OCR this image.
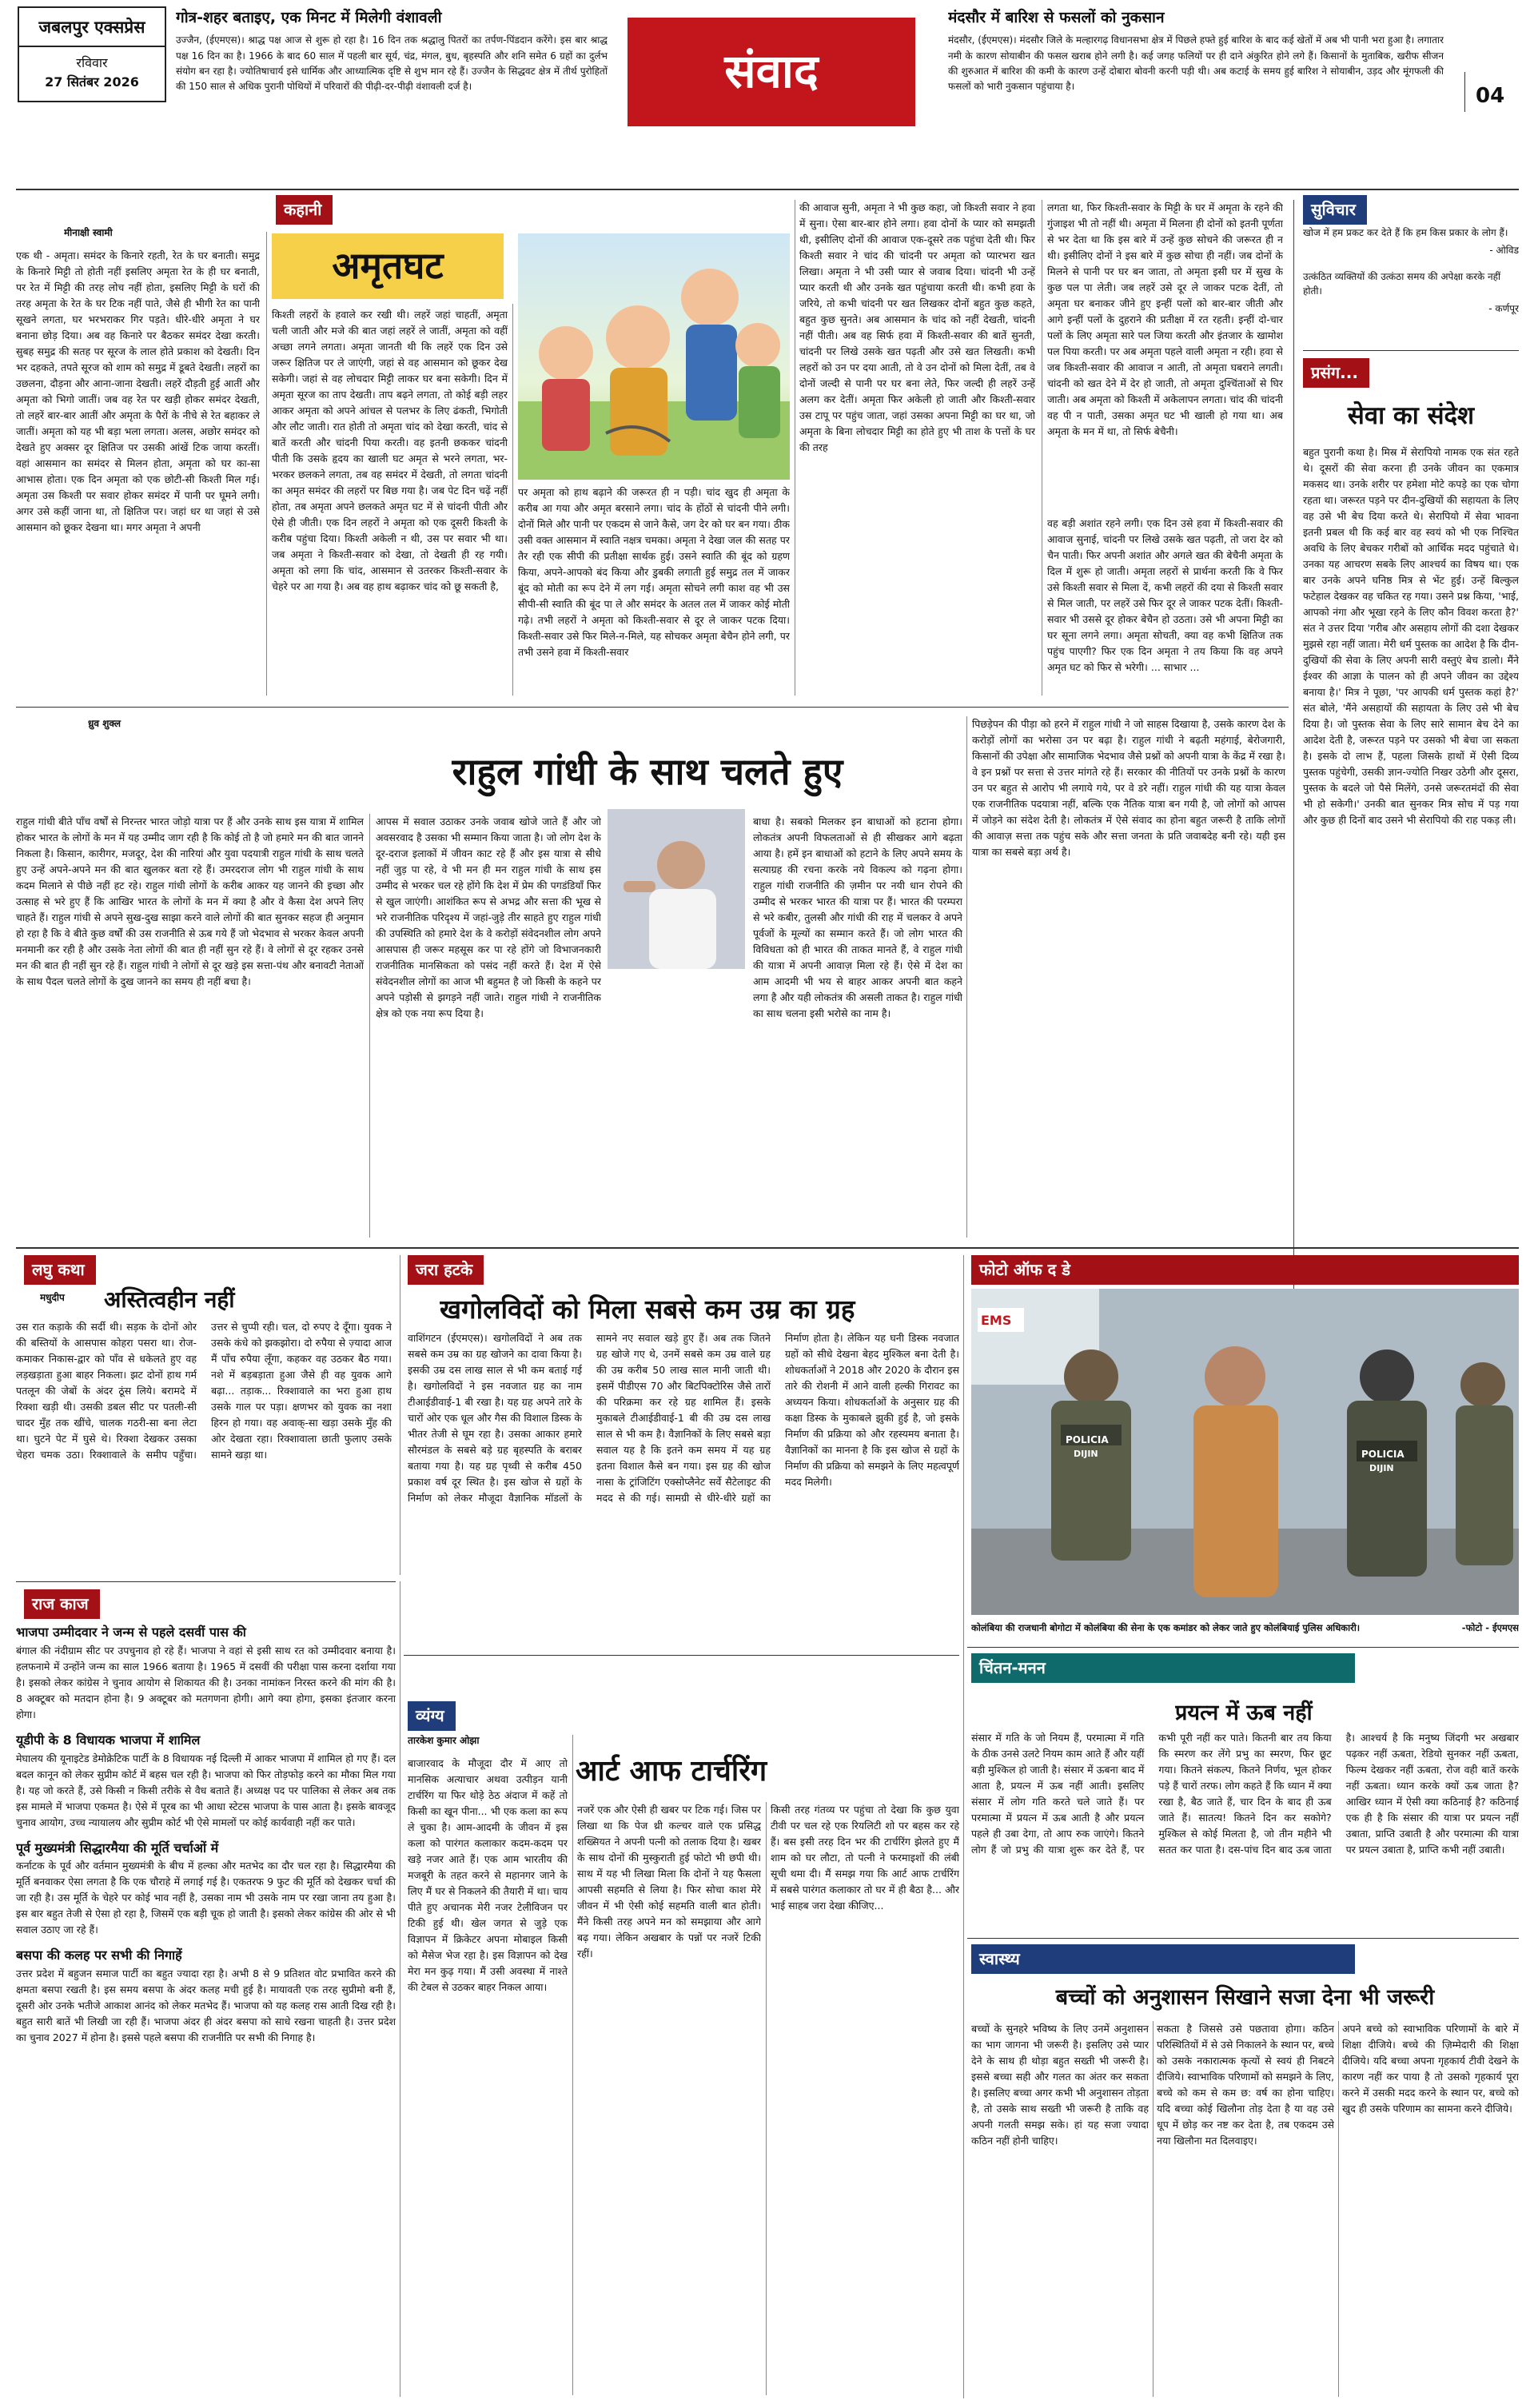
जबलपुर एक्सप्रेस
रविवार
27 सितंबर 2026
गोत्र-शहर बताइए, एक मिनट में मिलेगी वंशावली
उज्जैन, (ईएमएस)। श्राद्ध पक्ष आज से शुरू हो रहा है। 16 दिन तक श्रद्धालु पितरों का तर्पण-पिंडदान करेंगे। इस बार श्राद्ध पक्ष 16 दिन का है। 1966 के बाद 60 साल में पहली बार सूर्य, चंद्र, मंगल, बुध, बृहस्पति और शनि समेत 6 ग्रहों का दुर्लभ संयोग बन रहा है। ज्योतिषाचार्य इसे धार्मिक और आध्यात्मिक दृष्टि से शुभ मान रहे हैं। उज्जैन के सिद्धवट क्षेत्र में तीर्थ पुरोहितों की 150 साल से अधिक पुरानी पोथियों में परिवारों की पीढ़ी-दर-पीढ़ी वंशावली दर्ज है।	संवाद
मंदसौर में बारिश से फसलों को नुकसान
मंदसौर, (ईएमएस)। मंदसौर जिले के मल्हारगढ़ विधानसभा क्षेत्र में पिछले हफ्ते हुई बारिश के बाद कई खेतों में अब भी पानी भरा हुआ है। लगातार नमी के कारण सोयाबीन की फसल खराब होने लगी है। कई जगह फलियों पर ही दाने अंकुरित होने लगे हैं। किसानों के मुताबिक, खरीफ सीजन की शुरुआत में बारिश की कमी के कारण उन्हें दोबारा बोवनी करनी पड़ी थी। अब कटाई के समय हुई बारिश ने सोयाबीन, उड़द और मूंगफली की फसलों को भारी नुकसान पहुंचाया है।	04
कहानी
मीनाक्षी स्वामी
अमृतघट
एक थी - अमृता। समंदर के किनारे रहती, रेत के घर बनाती। समुद्र के किनारे मिट्टी तो होती नहीं इसलिए अमृता रेत के ही घर बनाती, पर रेत में मिट्टी की तरह लोच नहीं होता, इसलिए मिट्टी के घरों की तरह अमृता के रेत के घर टिक नहीं पाते, जैसे ही भीगी रेत का पानी सूखने लगता, घर भरभराकर गिर पड़ते। धीरे-धीरे अमृता ने घर बनाना छोड़ दिया। अब वह किनारे पर बैठकर समंदर देखा करती। सुबह समुद्र की सतह पर सूरज के लाल होते प्रकाश को देखती। दिन भर दहकते, तपते सूरज को शाम को समुद्र में डूबते देखती। लहरों का उछलना, दौड़ना और आना-जाना देखती। लहरें दौड़ती हुई आतीं और अमृता को भिगो जातीं। जब वह रेत पर खड़ी होकर समंदर देखती, तो लहरें बार-बार आतीं और अमृता के पैरों के नीचे से रेत बहाकर ले जातीं। अमृता को यह भी बड़ा भला लगता। अलस, अछोर समंदर को देखते हुए अक्सर दूर क्षितिज पर उसकी आंखें टिक जाया करतीं। वहां आसमान का समंदर से मिलन होता, अमृता को घर का-सा आभास होता। एक दिन अमृता को एक छोटी-सी किश्ती मिल गई। अमृता उस किश्ती पर सवार होकर समंदर में पानी पर घूमने लगी। अगर उसे कहीं जाना था, तो क्षितिज पर। जहां धर था जहां से उसे आसमान को छूकर देखना था। मगर अमृता ने अपनी
किश्ती लहरों के हवाले कर रखी थी। लहरें जहां चाहतीं, अमृता चली जाती और मजे की बात जहां लहरें ले जातीं, अमृता को वहीं अच्छा लगने लगता। अमृता जानती थी कि लहरें एक दिन उसे जरूर क्षितिज पर ले जाएंगी, जहां से वह आसमान को छूकर देख सकेगी। जहां से वह लोचदार मिट्टी लाकर घर बना सकेगी। दिन में अमृता सूरज का ताप देखती। ताप बढ़ने लगता, तो कोई बड़ी लहर आकर अमृता को अपने आंचल से पलभर के लिए ढंकती, भिगोती और लौट जाती। रात होती तो अमृता चांद को देखा करती, चांद से बातें करती और चांदनी पिया करती। वह इतनी छककर चांदनी पीती कि उसके हृदय का खाली घट अमृत से भरने लगता, भर-भरकर छलकने लगता, तब वह समंदर में देखती, तो लगता चांदनी का अमृत समंदर की लहरों पर बिछ गया है। जब पेट दिन चढ़ें नहीं होता, तब अमृता अपने छलकते अमृत घट में से चांदनी पीती और ऐसे ही जीती। एक दिन लहरों ने अमृता को एक दूसरी किश्ती के करीब पहुंचा दिया। किश्ती अकेली न थी, उस पर सवार भी था। जब अमृता ने किश्ती-सवार को देखा, तो देखती ही रह गयी। अमृता को लगा कि चांद, आसमान से उतरकर किश्ती-सवार के चेहरे पर आ गया है। अब वह हाथ बढ़ाकर चांद को छू सकती है,
पर अमृता को हाथ बढ़ाने की जरूरत ही न पड़ी। चांद खुद ही अमृता के करीब आ गया और अमृत बरसाने लगा। चांद के होंठों से चांदनी पीने लगी। दोनों मिले और पानी पर एकदम से जाने कैसे, जग देर को घर बन गया। ठीक उसी वक्त आसमान में स्वाति नक्षत्र चमका। अमृता ने देखा जल की सतह पर तैर रही एक सीपी की प्रतीक्षा सार्थक हुई। उसने स्वाति की बूंद को ग्रहण किया, अपने-आपको बंद किया और डुबकी लगाती हुई समुद्र तल में जाकर बूंद को मोती का रूप देने में लग गई। अमृता सोचने लगी काश वह भी उस सीपी-सी स्वाति की बूंद पा ले और समंदर के अतल तल में जाकर कोई मोती गढ़े। तभी लहरों ने अमृता को किश्ती-सवार से दूर ले जाकर पटक दिया। किश्ती-सवार उसे फिर मिले-न-मिले, यह सोचकर अमृता बेचैन होने लगी, पर तभी उसने हवा में किश्ती-सवार
की आवाज सुनी, अमृता ने भी कुछ कहा, जो किश्ती सवार ने हवा में सुना। ऐसा बार-बार होने लगा। हवा दोनों के प्यार को समझती थी, इसीलिए दोनों की आवाज एक-दूसरे तक पहुंचा देती थी। फिर किश्ती सवार ने चांद की चांदनी पर अमृता को प्यारभरा खत लिखा। अमृता ने भी उसी प्यार से जवाब दिया। चांदनी भी उन्हें प्यार करती थी और उनके खत पहुंचाया करती थी। कभी हवा के जरिये, तो कभी चांदनी पर खत लिखकर दोनों बहुत कुछ कहते, बहुत कुछ सुनते। अब आसमान के चांद को नहीं देखती, चांदनी नहीं पीती। अब वह सिर्फ हवा में किश्ती-सवार की बातें सुनती, चांदनी पर लिखे उसके खत पढ़ती और उसे खत लिखती। कभी लहरों को उन पर दया आती, तो वे उन दोनों को मिला देतीं, तब वे दोनों जल्दी से पानी पर घर बना लेते, फिर जल्दी ही लहरें उन्हें अलग कर देतीं। अमृता फिर अकेली हो जाती और किश्ती-सवार उस टापू पर पहुंच जाता, जहां उसका अपना मिट्टी का घर था, जो अमृता के बिना लोचदार मिट्टी का होते हुए भी ताश के पत्तों के घर की तरह
लगता था, फिर किश्ती-सवार के मिट्टी के घर में अमृता के रहने की गुंजाइश भी तो नहीं थी। अमृता में मिलना ही दोनों को इतनी पूर्णता से भर देता था कि इस बारे में उन्हें कुछ सोचने की जरूरत ही न थी। इसीलिए दोनों ने इस बारे में कुछ सोचा ही नहीं। जब दोनों के मिलने से पानी पर घर बन जाता, तो अमृता इसी घर में सुख के कुछ पल पा लेती। जब लहरें उसे दूर ले जाकर पटक देतीं, तो अमृता घर बनाकर जीने हुए इन्हीं पलों को बार-बार जीती और आगे इन्हीं पलों के दुहराने की प्रतीक्षा में रत रहती। इन्हीं दो-चार पलों के लिए अमृता सारे पल जिया करती और इंतजार के खामोश पल पिया करती। पर अब अमृता पहले वाली अमृता न रही। हवा से जब किश्ती-सवार की आवाज न आती, तो अमृता घबराने लगती। चांदनी को खत देने में देर हो जाती, तो अमृता दुश्चिंताओं से घिर जाती। अब अमृता को किश्ती में अकेलापन लगता। चांद की चांदनी वह पी न पाती, उसका अमृत घट भी खाली हो गया था। अब अमृता के मन में था, तो सिर्फ बेचैनी।
वह बड़ी अशांत रहने लगी। एक दिन उसे हवा में किश्ती-सवार की आवाज सुनाई, चांदनी पर लिखे उसके खत पढ़ती, तो जरा देर को चैन पाती। फिर अपनी अशांत और अगले खत की बेचैनी अमृता के दिल में शुरू हो जाती। अमृता लहरों से प्रार्थना करती कि वे फिर उसे किश्ती सवार से मिला दें, कभी लहरों की दया से किश्ती सवार से मिल जाती, पर लहरें उसे फिर दूर ले जाकर पटक देतीं। किश्ती-सवार भी उससे दूर होकर बेचैन हो उठता। उसे भी अपना मिट्टी का घर सूना लगने लगा। अमृता सोचती, क्या वह कभी क्षितिज तक पहुंच पाएगी? फिर एक दिन अमृता ने तय किया कि वह अपने अमृत घट को फिर से भरेगी। ... साभार ...
सुविचार
खोज में हम प्रकट कर देते हैं कि हम किस प्रकार के लोग हैं।
- ओविड
उत्कंठित व्यक्तियों की उत्कंठा समय की अपेक्षा करके नहीं होती।
- कर्णपूर
प्रसंग...
सेवा का संदेश
बहुत पुरानी कथा है। मिस्र में सेरापियो नामक एक संत रहते थे। दूसरों की सेवा करना ही उनके जीवन का एकमात्र मकसद था। उनके शरीर पर हमेशा मोटे कपड़े का एक चोगा रहता था। जरूरत पड़ने पर दीन-दुखियों की सहायता के लिए वह उसे भी बेच दिया करते थे। सेरापियो में सेवा भावना इतनी प्रबल थी कि कई बार वह स्वयं को भी एक निश्चित अवधि के लिए बेचकर गरीबों को आर्थिक मदद पहुंचाते थे। उनका यह आचरण सबके लिए आश्चर्य का विषय था। एक बार उनके अपने घनिष्ठ मित्र से भेंट हुई। उन्हें बिल्कुल फटेहाल देखकर वह चकित रह गया। उसने प्रश्न किया, 'भाई, आपको नंगा और भूखा रहने के लिए कौन विवश करता है?' संत ने उत्तर दिया 'गरीब और असहाय लोगों की दशा देखकर मुझसे रहा नहीं जाता। मेरी धर्म पुस्तक का आदेश है कि दीन-दुखियों की सेवा के लिए अपनी सारी वस्तुएं बेच डालो। मैंने ईश्वर की आज्ञा के पालन को ही अपने जीवन का उद्देश्य बनाया है।' मित्र ने पूछा, 'पर आपकी धर्म पुस्तक कहां है?' संत बोले, 'मैंने असहायों की सहायता के लिए उसे भी बेच दिया है। जो पुस्तक सेवा के लिए सारे सामान बेच देने का आदेश देती है, जरूरत पड़ने पर उसको भी बेचा जा सकता है। इसके दो लाभ हैं, पहला जिसके हाथों में ऐसी दिव्य पुस्तक पहुंचेगी, उसकी ज्ञान-ज्योति निखर उठेगी और दूसरा, पुस्तक के बदले जो पैसे मिलेंगे, उनसे जरूरतमंदों की सेवा भी हो सकेगी।' उनकी बात सुनकर मित्र सोच में पड़ गया और कुछ ही दिनों बाद उसने भी सेरापियो की राह पकड़ ली।
ध्रुव शुक्ल
राहुल गांधी के साथ चलते हुए
राहुल गांधी बीते पाँच वर्षों से निरन्तर भारत जोड़ो यात्रा पर हैं और उनके साथ इस यात्रा में शामिल होकर भारत के लोगों के मन में यह उम्मीद जाग रही है कि कोई तो है जो हमारे मन की बात जानने निकला है। किसान, कारीगर, मजदूर, देश की नारियां और युवा पदयात्री राहुल गांधी के साथ चलते हुए उन्हें अपने-अपने मन की बात खुलकर बता रहे हैं। उमरदराज लोग भी राहुल गांधी के साथ कदम मिलाने से पीछे नहीं हट रहे। राहुल गांधी लोगों के करीब आकर यह जानने की इच्छा और उत्साह से भरे हुए हैं कि आखिर भारत के लोगों के मन में क्या है और वे कैसा देश अपने लिए चाहते हैं। राहुल गांधी से अपने सुख-दुख साझा करने वाले लोगों की बात सुनकर सहज ही अनुमान हो रहा है कि वे बीते कुछ वर्षों की उस राजनीति से ऊब गये हैं जो भेदभाव से भरकर केवल अपनी मनमानी कर रही है और उसके नेता लोगों की बात ही नहीं सुन रहे हैं। वे लोगों से दूर रहकर उनसे मन की बात ही नहीं सुन रहे हैं। राहुल गांधी ने लोगों से दूर खड़े इस सत्ता-पंथ और बनावटी नेताओं के साथ पैदल चलते लोगों के दुख जानने का समय ही नहीं बचा है।
आपस में सवाल उठाकर उनके जवाब खोजे जाते हैं और जो अवसरवाद है उसका भी सम्मान किया जाता है। जो लोग देश के दूर-दराज इलाकों में जीवन काट रहे हैं और इस यात्रा से सीधे नहीं जुड़ पा रहे, वे भी मन ही मन राहुल गांधी के साथ इस उम्मीद से भरकर चल रहे होंगे कि देश में प्रेम की पगडंडियाँ फिर से खुल जाएंगी। आशंकित रूप से अभद्र और सत्ता की भूख से भरे राजनीतिक परिदृश्य में जहां-जुड़े तीर साहते हुए राहुल गांधी की उपस्थिति को हमारे देश के वे करोड़ों संवेदनशील लोग अपने आसपास ही जरूर महसूस कर पा रहे होंगे जो विभाजनकारी राजनीतिक मानसिकता को पसंद नहीं करते हैं। देश में ऐसे संवेदनशील लोगों का आज भी बहुमत है जो किसी के कहने पर अपने पड़ोसी से झगड़ने नहीं जाते। राहुल गांधी ने राजनीतिक क्षेत्र को एक नया रूप दिया है।
बाधा है। सबको मिलकर इन बाधाओं को हटाना होगा। लोकतंत्र अपनी विफलताओं से ही सीखकर आगे बढ़ता आया है। हमें इन बाधाओं को हटाने के लिए अपने समय के सत्याग्रह की रचना करके नये विकल्प को गढ़ना होगा। राहुल गांधी राजनीति की ज़मीन पर नयी धान रोपने की उम्मीद से भरकर भारत की यात्रा पर हैं। भारत की परम्परा से भरे कबीर, तुलसी और गांधी की राह में चलकर वे अपने पूर्वजों के मूल्यों का सम्मान करते हैं। जो लोग भारत की विविधता को ही भारत की ताकत मानते हैं, वे राहुल गांधी की यात्रा में अपनी आवाज़ मिला रहे हैं। ऐसे में देश का आम आदमी भी भय से बाहर आकर अपनी बात कहने लगा है और यही लोकतंत्र की असली ताकत है। राहुल गांधी का साथ चलना इसी भरोसे का नाम है।
पिछड़ेपन की पीड़ा को हरने में राहुल गांधी ने जो साहस दिखाया है, उसके कारण देश के करोड़ों लोगों का भरोसा उन पर बढ़ा है। राहुल गांधी ने बढ़ती महंगाई, बेरोजगारी, किसानों की उपेक्षा और सामाजिक भेदभाव जैसे प्रश्नों को अपनी यात्रा के केंद्र में रखा है। वे इन प्रश्नों पर सत्ता से उत्तर मांगते रहे हैं। सरकार की नीतियों पर उनके प्रश्नों के कारण उन पर बहुत से आरोप भी लगाये गये, पर वे डरे नहीं। राहुल गांधी की यह यात्रा केवल एक राजनीतिक पदयात्रा नहीं, बल्कि एक नैतिक यात्रा बन गयी है, जो लोगों को आपस में जोड़ने का संदेश देती है। लोकतंत्र में ऐसे संवाद का होना बहुत जरूरी है ताकि लोगों की आवाज़ सत्ता तक पहुंच सके और सत्ता जनता के प्रति जवाबदेह बनी रहे। यही इस यात्रा का सबसे बड़ा अर्थ है।
लघु कथा
मधुदीप	अस्तित्वहीन नहीं
उस रात कड़ाके की सर्दी थी। सड़क के दोनों ओर की बस्तियों के आसपास कोहरा पसरा था। रोज-कमाकर निकास-द्वार को पाँव से धकेलते हुए वह लड़खड़ाता हुआ बाहर निकला। झट दोनों हाथ गर्म पतलून की जेबों के अंदर ठूंस लिये। बरामदे में रिक्शा खड़ी थी। उसकी डबल सीट पर पतली-सी चादर मुँह तक खींचे, चालक गठरी-सा बना लेटा था। घुटने पेट में घुसे थे। रिक्शा देखकर उसका चेहरा चमक उठा। रिक्शावाले के समीप पहुँचा। उत्तर से चुप्पी रही। चल, दो रुपए दे दूँगा। युवक ने उसके कंधे को झकझोरा। दो रुपैया से ज़्यादा आज मैं पाँच रुपैया लूँगा, कहकर वह उठकर बैठ गया। नशे में बड़बड़ाता हुआ जैसे ही वह युवक आगे बढ़ा... तड़ाक... रिक्शावाले का भरा हुआ हाथ उसके गाल पर पड़ा। क्षणभर को युवक का नशा हिरन हो गया। वह अवाक्-सा खड़ा उसके मुँह की ओर देखता रहा। रिक्शावाला छाती फुलाए उसके सामने खड़ा था।
जरा हटके
खगोलविदों को मिला सबसे कम उम्र का ग्रह
वाशिंगटन (ईएमएस)। खगोलविदों ने अब तक सबसे कम उम्र का ग्रह खोजने का दावा किया है। इसकी उम्र दस लाख साल से भी कम बताई गई है। खगोलविदों ने इस नवजात ग्रह का नाम टीआईडीवाई-1 बी रखा है। यह ग्रह अपने तारे के चारों ओर एक धूल और गैस की विशाल डिस्क के भीतर तेजी से घूम रहा है। उसका आकार हमारे सौरमंडल के सबसे बड़े ग्रह बृहस्पति के बराबर बताया गया है। यह ग्रह पृथ्वी से करीब 450 प्रकाश वर्ष दूर स्थित है। इस खोज से ग्रहों के निर्माण को लेकर मौजूदा वैज्ञानिक मॉडलों के सामने नए सवाल खड़े हुए हैं। अब तक जितने ग्रह खोजे गए थे, उनमें सबसे कम उम्र वाले ग्रह की उम्र करीब 50 लाख साल मानी जाती थी। इसमें पीडीएस 70 और बिटपिक्टोरिस जैसे तारों की परिक्रमा कर रहे ग्रह शामिल हैं। इसके मुकाबले टीआईडीवाई-1 बी की उम्र दस लाख साल से भी कम है। वैज्ञानिकों के लिए सबसे बड़ा सवाल यह है कि इतने कम समय में यह ग्रह इतना विशाल कैसे बन गया। इस ग्रह की खोज नासा के ट्रांजिटिंग एक्सोप्लैनेट सर्वे सैटेलाइट की मदद से की गई। सामग्री से धीरे-धीरे ग्रहों का निर्माण होता है। लेकिन यह घनी डिस्क नवजात ग्रहों को सीधे देखना बेहद मुश्किल बना देती है। शोधकर्ताओं ने 2018 और 2020 के दौरान इस तारे की रोशनी में आने वाली हल्की गिरावट का अध्ययन किया। शोधकर्ताओं के अनुसार ग्रह की कक्षा डिस्क के मुकाबले झुकी हुई है, जो इसके निर्माण की प्रक्रिया को और रहस्यमय बनाता है। वैज्ञानिकों का मानना है कि इस खोज से ग्रहों के निर्माण की प्रक्रिया को समझने के लिए महत्वपूर्ण मदद मिलेगी।
फोटो ऑफ द डे
EMS
POLICIA
DIJIN	POLICIA
DIJIN
कोलंबिया की राजधानी बोगोटा में कोलंबिया की सेना के एक कमांडर को लेकर जाते हुए कोलंबियाई पुलिस अधिकारी।	-फोटो - ईएमएस
राज काज
भाजपा उम्मीदवार ने जन्म से पहले दसवीं पास की
बंगाल की नंदीग्राम सीट पर उपचुनाव हो रहे हैं। भाजपा ने वहां से इसी साथ रत को उम्मीदवार बनाया है। हलफनामे में उन्होंने जन्म का साल 1966 बताया है। 1965 में दसवीं की परीक्षा पास करना दर्शाया गया है। इसको लेकर कांग्रेस ने चुनाव आयोग से शिकायत की है। उनका नामांकन निरस्त करने की मांग की है। 8 अक्टूबर को मतदान होना है। 9 अक्टूबर को मतगणना होगी। आगे क्या होगा, इसका इंतजार करना होगा।
यूडीपी के 8 विधायक भाजपा में शामिल
मेघालय की यूनाइटेड डेमोक्रेटिक पार्टी के 8 विधायक नई दिल्ली में आकर भाजपा में शामिल हो गए हैं। दल बदल कानून को लेकर सुप्रीम कोर्ट में बहस चल रही है। भाजपा को फिर तोड़फोड़ करने का मौका मिल गया है। यह जो करते हैं, उसे किसी न किसी तरीके से वैध बताते हैं। अध्यक्ष पद पर पालिका से लेकर अब तक इस मामले में भाजपा एकमत है। ऐसे में पूरब का भी आधा स्टेटस भाजपा के पास आता है। इसके बावजूद चुनाव आयोग, उच्च न्यायालय और सुप्रीम कोर्ट भी ऐसे मामलों पर कोई कार्यवाही नहीं कर पाते।
पूर्व मुख्यमंत्री सिद्धारमैया की मूर्ति चर्चाओं में
कर्नाटक के पूर्व और वर्तमान मुख्यमंत्री के बीच में हल्का और मतभेद का दौर चल रहा है। सिद्धारमैया की मूर्ति बनवाकर ऐसा लगता है कि एक चौराहे में लगाई गई है। एकतरफ 9 फुट की मूर्ति को देखकर चर्चा की जा रही है। उस मूर्ति के चेहरे पर कोई भाव नहीं है, उसका नाम भी उसके नाम पर रखा जाना तय हुआ है। इस बार बहुत तेजी से ऐसा हो रहा है, जिसमें एक बड़ी चूक हो जाती है। इसको लेकर कांग्रेस की ओर से भी सवाल उठाए जा रहे हैं।
बसपा की कलह पर सभी की निगाहें
उत्तर प्रदेश में बहुजन समाज पार्टी का बहुत ज्यादा रहा है। अभी 8 से 9 प्रतिशत वोट प्रभावित करने की क्षमता बसपा रखती है। इस समय बसपा के अंदर कलह मची हुई है। मायावती एक तरह सुप्रीमो बनी हैं, दूसरी ओर उनके भतीजे आकाश आनंद को लेकर मतभेद हैं। भाजपा को यह कलह रास आती दिख रही है। बहुत सारी बातें भी लिखी जा रही हैं। भाजपा अंदर ही अंदर बसपा को साधे रखना चाहती है। उत्तर प्रदेश का चुनाव 2027 में होना है। इससे पहले बसपा की राजनीति पर सभी की निगाह है।
व्यंग्य
तारकेश कुमार ओझा
आर्ट आफ टार्चरिंग
बाजारवाद के मौजूदा दौर में आए तो मानसिक अत्याचार अथवा उत्पीड़न यानी टार्चरिंग या फिर थोड़े ठेठ अंदाज में कहें तो किसी का खून पीना... भी एक कला का रूप ले चुका है। आम-आदमी के जीवन में इस कला को पारंगत कलाकार कदम-कदम पर खड़े नजर आते हैं। एक आम भारतीय की मजबूरी के तहत करने से महानगर जाने के लिए मैं घर से निकलने की तैयारी में था। चाय पीते हुए अचानक मेरी नजर टेलीविजन पर टिकी हुई थी। खेल जगत से जुड़े एक विज्ञापन में क्रिकेटर अपना मोबाइल किसी को मैसेज भेज रहा है। इस विज्ञापन को देख मेरा मन कुढ़ गया। मैं उसी अवस्था में नाश्ते की टेबल से उठकर बाहर निकल आया।
नजरें एक और ऐसी ही खबर पर टिक गई। जिस पर लिखा था कि पेज थ्री कल्चर वाले एक प्रसिद्ध शख्सियत ने अपनी पत्नी को तलाक दिया है। खबर के साथ दोनों की मुस्कुराती हुई फोटो भी छपी थी। साथ में यह भी लिखा मिला कि दोनों ने यह फैसला आपसी सहमति से लिया है। फिर सोचा काश मेरे जीवन में भी ऐसी कोई सहमति वाली बात होती। मैंने किसी तरह अपने मन को समझाया और आगे बढ़ गया। लेकिन अखबार के पन्नों पर नजरें टिकी रहीं।
किसी तरह गंतव्य पर पहुंचा तो देखा कि कुछ युवा टीवी पर चल रहे एक रियलिटी शो पर बहस कर रहे हैं। बस इसी तरह दिन भर की टार्चरिंग झेलते हुए मैं शाम को घर लौटा, तो पत्नी ने फरमाइशों की लंबी सूची थमा दी। मैं समझ गया कि आर्ट आफ टार्चरिंग में सबसे पारंगत कलाकार तो घर में ही बैठा है... और भाई साहब जरा देखा कीजिए...
चिंतन-मनन
प्रयत्न में ऊब नहीं
संसार में गति के जो नियम हैं, परमात्मा में गति के ठीक उनसे उलटे नियम काम आते हैं और यहीं बड़ी मुश्किल हो जाती है। संसार में ऊबना बाद में आता है, प्रयत्न में ऊब नहीं आती। इसलिए संसार में लोग गति करते चले जाते हैं। पर परमात्मा में प्रयत्न में ऊब आती है और प्रयत्न पहले ही उबा देगा, तो आप रुक जाएंगे। कितने लोग हैं जो प्रभु की यात्रा शुरू कर देते हैं, पर कभी पूरी नहीं कर पाते। कितनी बार तय किया कि स्मरण कर लेंगे प्रभु का स्मरण, फिर छूट गया। कितने संकल्प, कितने निर्णय, भूल होकर पड़े हैं चारों तरफ। लोग कहते हैं कि ध्यान में क्या रखा है, बैठ जाते हैं, चार दिन के बाद ही ऊब जाते हैं। सातत्य! कितने दिन कर सकोगे? मुश्किल से कोई मिलता है, जो तीन महीने भी सतत कर पाता है। दस-पांच दिन बाद ऊब जाता है। आश्चर्य है कि मनुष्य जिंदगी भर अखबार पढ़कर नहीं ऊबता, रेडियो सुनकर नहीं ऊबता, फिल्म देखकर नहीं ऊबता, रोज वही बातें करके नहीं ऊबता। ध्यान करके क्यों ऊब जाता है? आखिर ध्यान में ऐसी क्या कठिनाई है? कठिनाई एक ही है कि संसार की यात्रा पर प्रयत्न नहीं उबाता, प्राप्ति उबाती है और परमात्मा की यात्रा पर प्रयत्न उबाता है, प्राप्ति कभी नहीं उबाती।
स्वास्थ्य
बच्चों को अनुशासन सिखाने सजा देना भी जरूरी
बच्चों के सुनहरे भविष्य के लिए उनमें अनुशासन का भाग जागना भी जरूरी है। इसलिए उसे प्यार देने के साथ ही थोड़ा बहुत सख्ती भी जरूरी है। इससे बच्चा सही और गलत का अंतर कर सकता है। इसलिए बच्चा अगर कभी भी अनुशासन तोड़ता है, तो उसके साथ सख्ती भी जरूरी है ताकि वह अपनी गलती समझ सके। हां यह सजा ज्यादा कठिन नहीं होनी चाहिए।
सकता है जिससे उसे पछतावा होगा। कठिन परिस्थितियों में से उसे निकालने के स्थान पर, बच्चे को उसके नकारात्मक कृत्यों से स्वयं ही निबटने दीजिये। स्वाभाविक परिणामों को समझने के लिए, बच्चे को कम से कम छ: वर्ष का होना चाहिए। यदि बच्चा कोई खिलौना तोड़ देता है या वह उसे धूप में छोड़ कर नष्ट कर देता है, तब एकदम उसे नया खिलौना मत दिलवाइए।
अपने बच्चे को स्वाभाविक परिणामों के बारे में शिक्षा दीजिये। बच्चे की ज़िम्मेदारी की शिक्षा दीजिये। यदि बच्चा अपना गृहकार्य टीवी देखने के कारण नहीं कर पाया है तो उसको गृहकार्य पूरा करने में उसकी मदद करने के स्थान पर, बच्चे को खुद ही उसके परिणाम का सामना करने दीजिये।
